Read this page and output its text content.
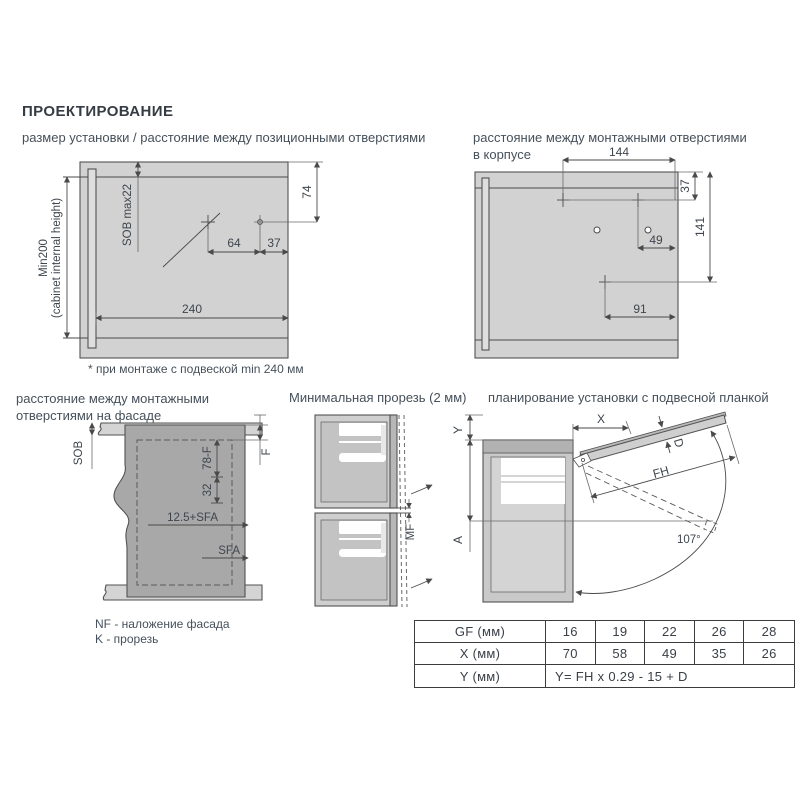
ПРОЕКТИРОВАНИЕ
размер установки / расстояние между позиционными отверстиями
Min200 (cabinet internal height)	SOB max22	74
64 37
240
* при монтаже с подвеской min 240 мм
расстояние между монтажными отверстиями
в корпусе	144
37
141
49
91
расстояние между монтажными
отверстиями на фасаде
SOB	F
78-F
32
12.5+SFA
SFA
NF - наложение фасада
K - прорезь
Минимальная прорезь (2 мм)
MF
планирование установки с подвесной планкой
Y
A
X
D
FH
107°
GF (мм)	16	19	22	26	28
X (мм)	70	58	49	35	26
Y (мм)	Y= FH x 0.29 - 15 + D
